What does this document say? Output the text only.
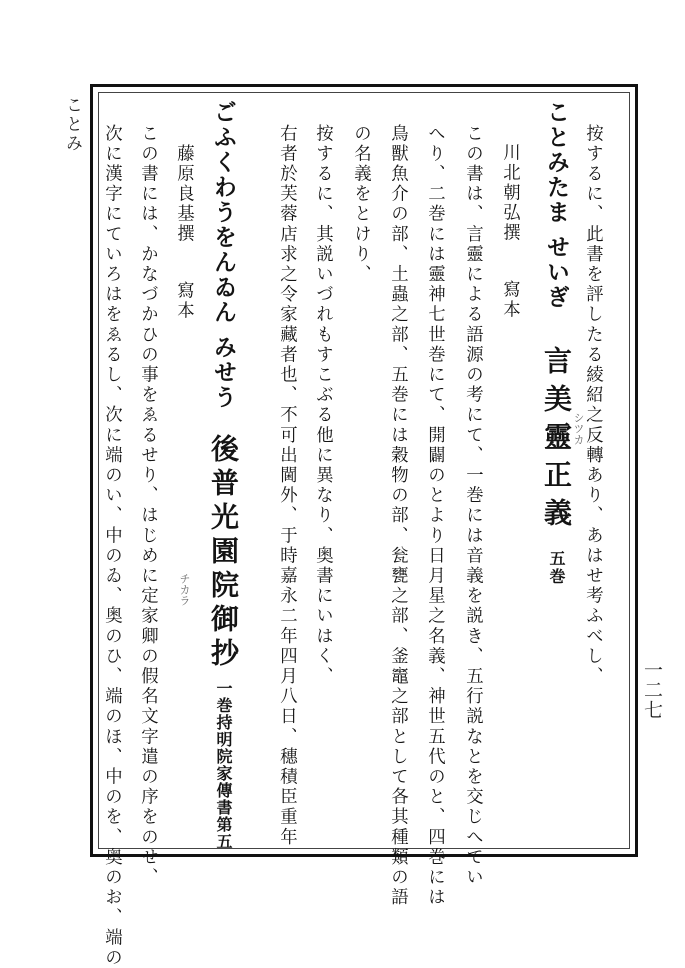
ことみ
一二七
按するに、此書を評したる綾紹之反轉あり、あはせ考ふべし、
ことみたま せいぎ言美靈正義五巻
川北朝弘撰寫本
この書は、言靈による語源の考にて、一巻には音義を説き、五行説なとを交じへてい
へり、二巻には靈神七世巻にて、開闢のとより日月星之名義、神世五代のと、四巻には
鳥獸魚介の部、土蟲之部、五巻には穀物の部、瓮甕之部、釜竈之部として各其種類の語
の名義をとけり、
按するに、其説いづれもすこぶる他に異なり、奥書にいはく、
右者於芙蓉店求之令家藏者也、不可出閫外、于時嘉永二年四月八日、穗積臣重年
ごふくわうをんゐん みせう後普光園院御抄一巻持明院家傳書第五
藤原良基撰寫本
この書には、かなづかひの事をゑるせり、はじめに定家卿の假名文字遣の序をのせ、
次に漢字にていろはをゑるし、次に端のい、中のゐ、奥のひ、端のほ、中のを、奥のお、端の	シツカ
チカラ
